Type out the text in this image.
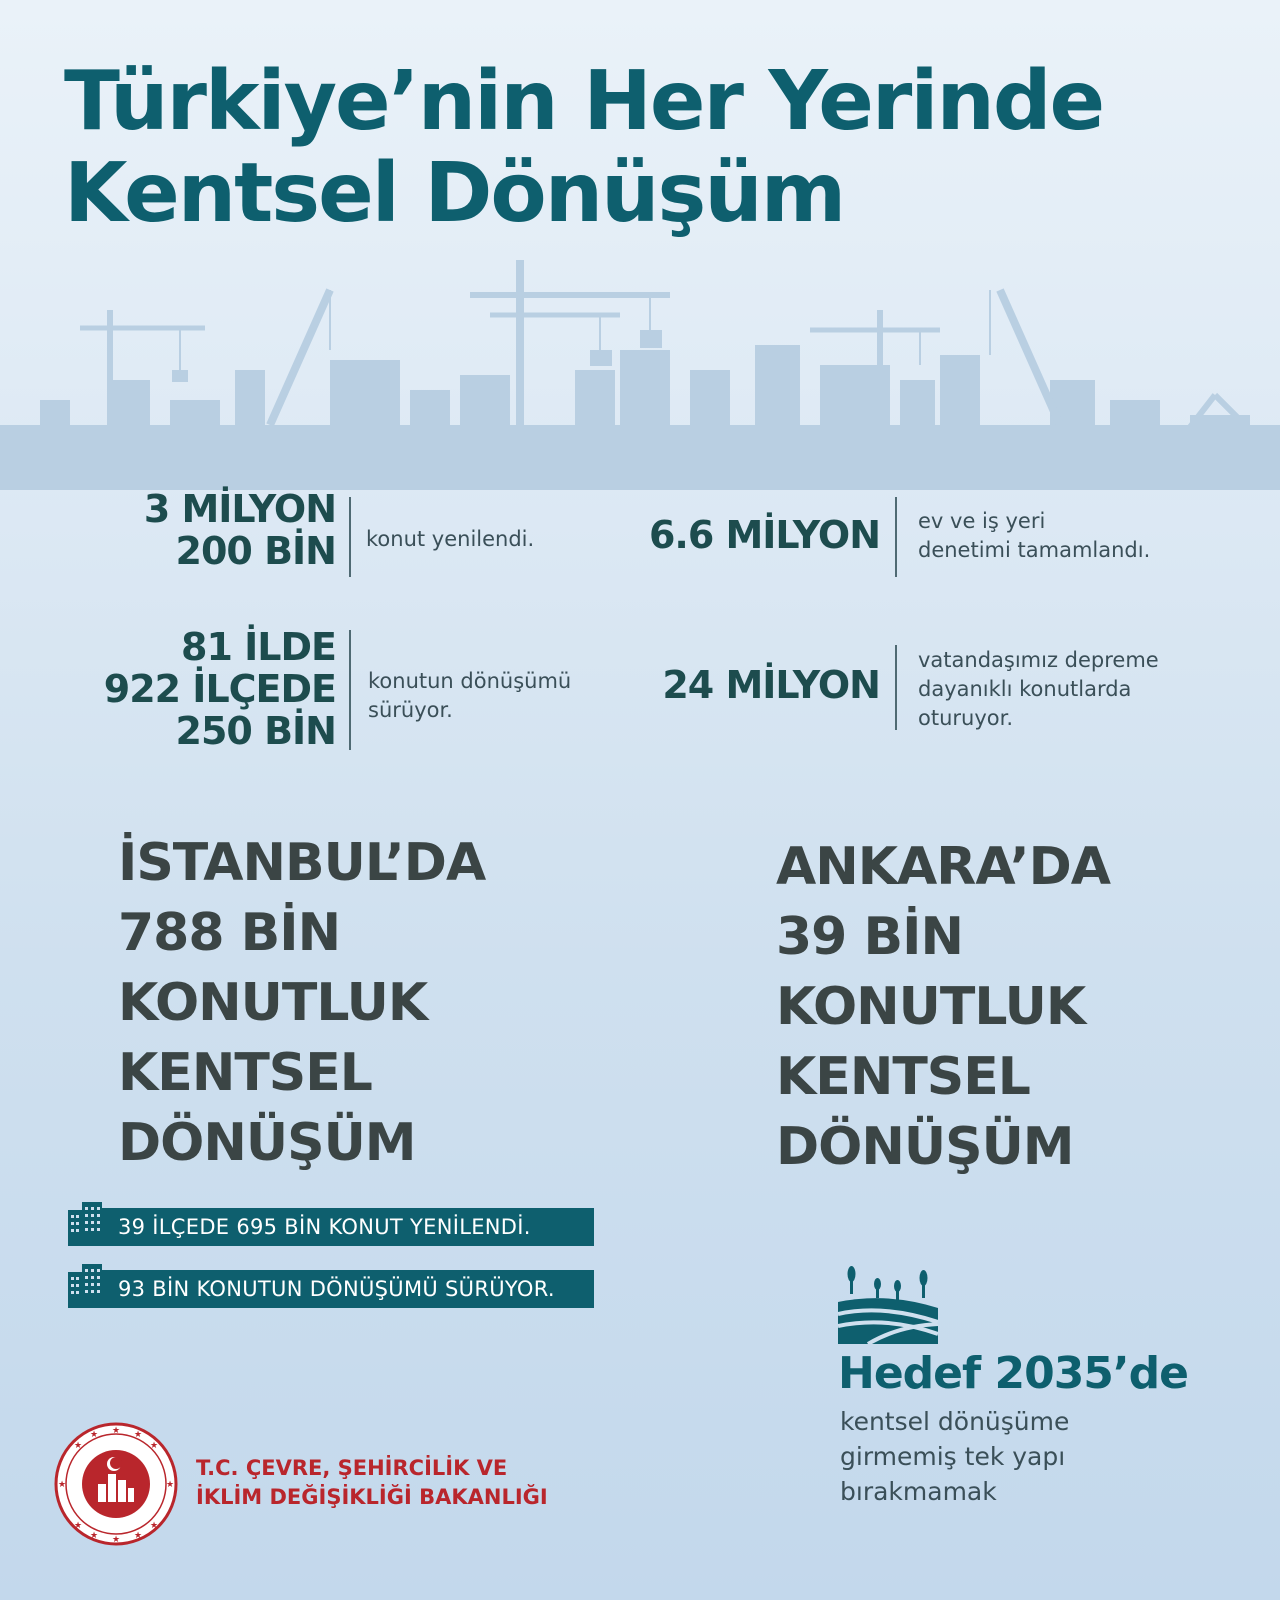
Türkiye’nin Her Yerinde
Kentsel Dönüşüm
3 MİLYON
200 BİN konut yenilendi.	6.6 MİLYON ev ve iş yeri
denetimi tamamlandı.
81 İLDE
922 İLÇEDE
250 BİN
konutun dönüşümü
sürüyor.
24 MİLYON
vatandaşımız depreme
dayanıklı konutlarda
oturuyor.
İSTANBUL’DA
788 BİN
KONUTLUK
KENTSEL
DÖNÜŞÜM
ANKARA’DA
39 BİN
KONUTLUK
KENTSEL
DÖNÜŞÜM
39 İLÇEDE 695 BİN KONUT YENİLENDİ.
93 BİN KONUTUN DÖNÜŞÜMÜ SÜRÜYOR.
Hedef 2035’de
kentsel dönüşüme
girmemiş tek yapı
bırakmamak
★
★
★	★
★	★
★	★
★	★
★	★
T.C. ÇEVRE, ŞEHİRCİLİK VE
İKLİM DEĞİŞİKLİĞİ BAKANLIĞI
